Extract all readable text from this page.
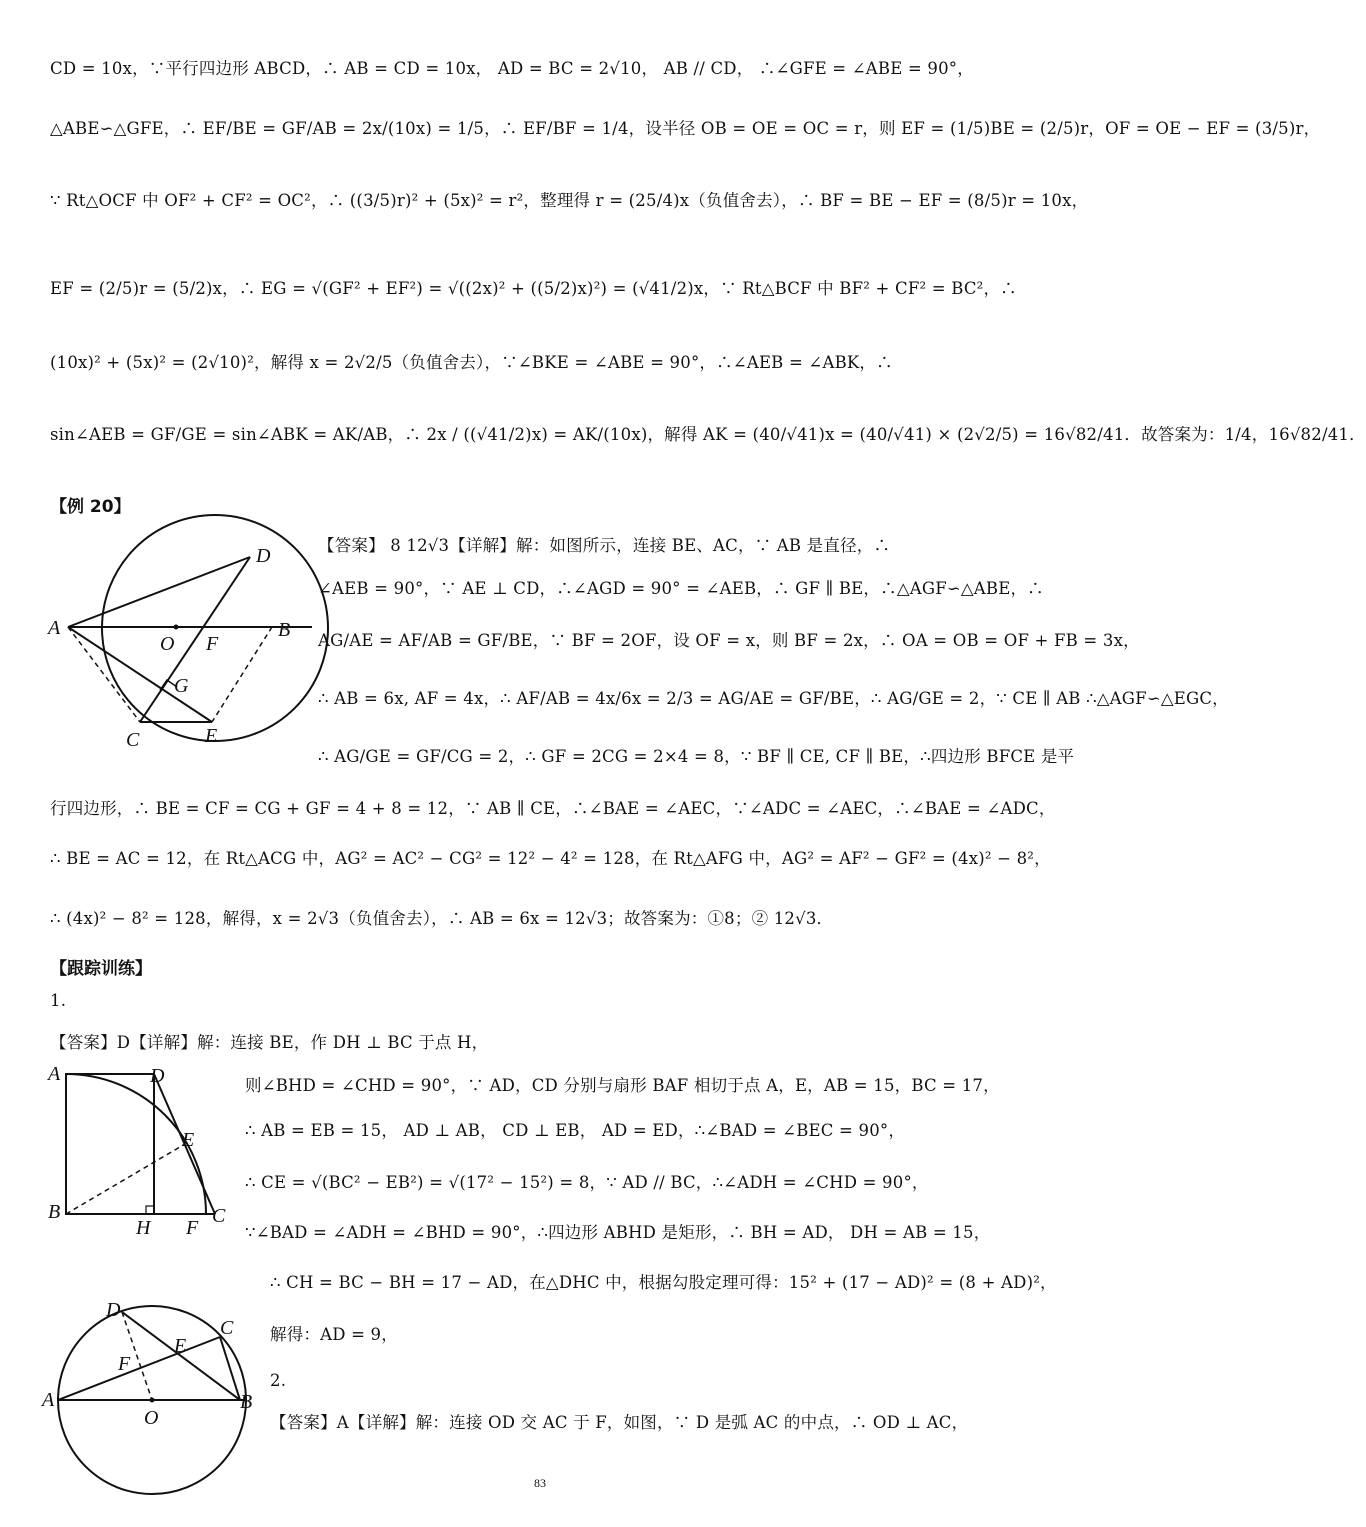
CD = 10x，∵平行四边形 ABCD，∴ AB = CD = 10x， AD = BC = 2√10， AB // CD， ∴∠GFE = ∠ABE = 90°，
△ABE∽△GFE，∴ EF/BE = GF/AB = 2x/(10x) = 1/5，∴ EF/BF = 1/4，设半径 OB = OE = OC = r，则 EF = (1/5)BE = (2/5)r，OF = OE − EF = (3/5)r，
∵ Rt△OCF 中 OF² + CF² = OC²，∴ ((3/5)r)² + (5x)² = r²，整理得 r = (25/4)x（负值舍去），∴ BF = BE − EF = (8/5)r = 10x，
EF = (2/5)r = (5/2)x，∴ EG = √(GF² + EF²) = √((2x)² + ((5/2)x)²) = (√41/2)x，∵ Rt△BCF 中 BF² + CF² = BC²，∴
(10x)² + (5x)² = (2√10)²，解得 x = 2√2/5（负值舍去），∵∠BKE = ∠ABE = 90°，∴∠AEB = ∠ABK，∴
sin∠AEB = GF/GE = sin∠ABK = AK/AB，∴ 2x / ((√41/2)x) = AK/(10x)，解得 AK = (40/√41)x = (40/√41) × (2√2/5) = 16√82/41．故答案为：1/4，16√82/41．
【例 20】
D
A
O F
B
G
C	E
【答案】 8 12√3【详解】解：如图所示，连接 BE、AC，∵ AB 是直径，∴
∠AEB = 90°，∵ AE ⊥ CD，∴∠AGD = 90° = ∠AEB，∴ GF ∥ BE，∴△AGF∽△ABE，∴
AG/AE = AF/AB = GF/BE，∵ BF = 2OF，设 OF = x，则 BF = 2x，∴ OA = OB = OF + FB = 3x，
∴ AB = 6x, AF = 4x，∴ AF/AB = 4x/6x = 2/3 = AG/AE = GF/BE，∴ AG/GE = 2，∵ CE ∥ AB ∴△AGF∽△EGC，
∴ AG/GE = GF/CG = 2，∴ GF = 2CG = 2×4 = 8，∵ BF ∥ CE, CF ∥ BE，∴四边形 BFCE 是平
行四边形，∴ BE = CF = CG + GF = 4 + 8 = 12，∵ AB ∥ CE，∴∠BAE = ∠AEC，∵∠ADC = ∠AEC，∴∠BAE = ∠ADC，
∴ BE = AC = 12，在 Rt△ACG 中，AG² = AC² − CG² = 12² − 4² = 128，在 Rt△AFG 中，AG² = AF² − GF² = (4x)² − 8²，
∴ (4x)² − 8² = 128，解得，x = 2√3（负值舍去），∴ AB = 6x = 12√3；故答案为：①8；② 12√3．
【跟踪训练】
1.
【答案】D【详解】解：连接 BE，作 DH ⊥ BC 于点 H，
A	D
E
B
H F
C
则∠BHD = ∠CHD = 90°，∵ AD，CD 分别与扇形 BAF 相切于点 A，E，AB = 15，BC = 17，
∴ AB = EB = 15， AD ⊥ AB， CD ⊥ EB， AD = ED，∴∠BAD = ∠BEC = 90°，
∴ CE = √(BC² − EB²) = √(17² − 15²) = 8，∵ AD // BC，∴∠ADH = ∠CHD = 90°，
∵∠BAD = ∠ADH = ∠BHD = 90°，∴四边形 ABHD 是矩形，∴ BH = AD， DH = AB = 15，
∴ CH = BC − BH = 17 − AD，在△DHC 中，根据勾股定理可得：15² + (17 − AD)² = (8 + AD)²，
解得：AD = 9，
D
C
E
F
A
O
B
2.
【答案】A【详解】解：连接 OD 交 AC 于 F，如图，∵ D 是弧 AC 的中点，∴ OD ⊥ AC，
83
